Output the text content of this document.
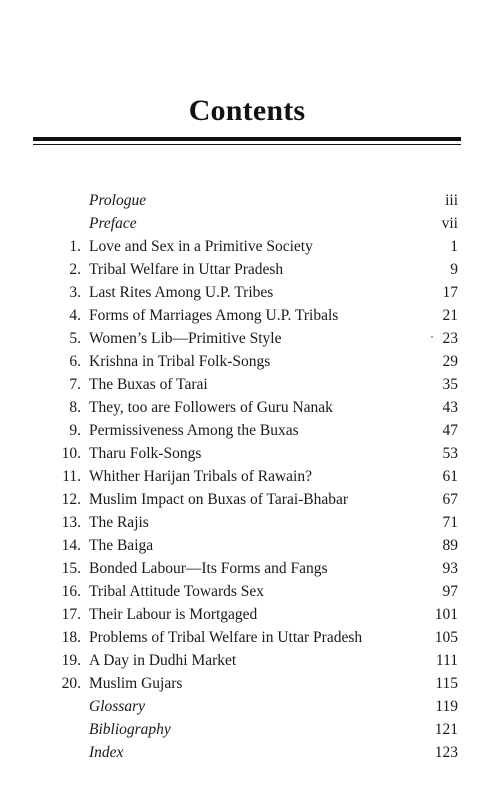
Contents
Prologue	iii
Preface	vii
1. Love and Sex in a Primitive Society	1
2. Tribal Welfare in Uttar Pradesh	9
3. Last Rites Among U.P. Tribes	17
4. Forms of Marriages Among U.P. Tribals	21
5. Women’s Lib—Primitive Style	23
6. Krishna in Tribal Folk-Songs	29
7. The Buxas of Tarai	35
8. They, too are Followers of Guru Nanak	43
9. Permissiveness Among the Buxas	47
10. Tharu Folk-Songs	53
11. Whither Harijan Tribals of Rawain?	61
12. Muslim Impact on Buxas of Tarai-Bhabar	67
13. The Rajis	71
14. The Baiga	89
15. Bonded Labour—Its Forms and Fangs	93
16. Tribal Attitude Towards Sex	97
17. Their Labour is Mortgaged	101
18. Problems of Tribal Welfare in Uttar Pradesh	105
19. A Day in Dudhi Market	111
20. Muslim Gujars	115
Glossary	119
Bibliography	121
Index	123
